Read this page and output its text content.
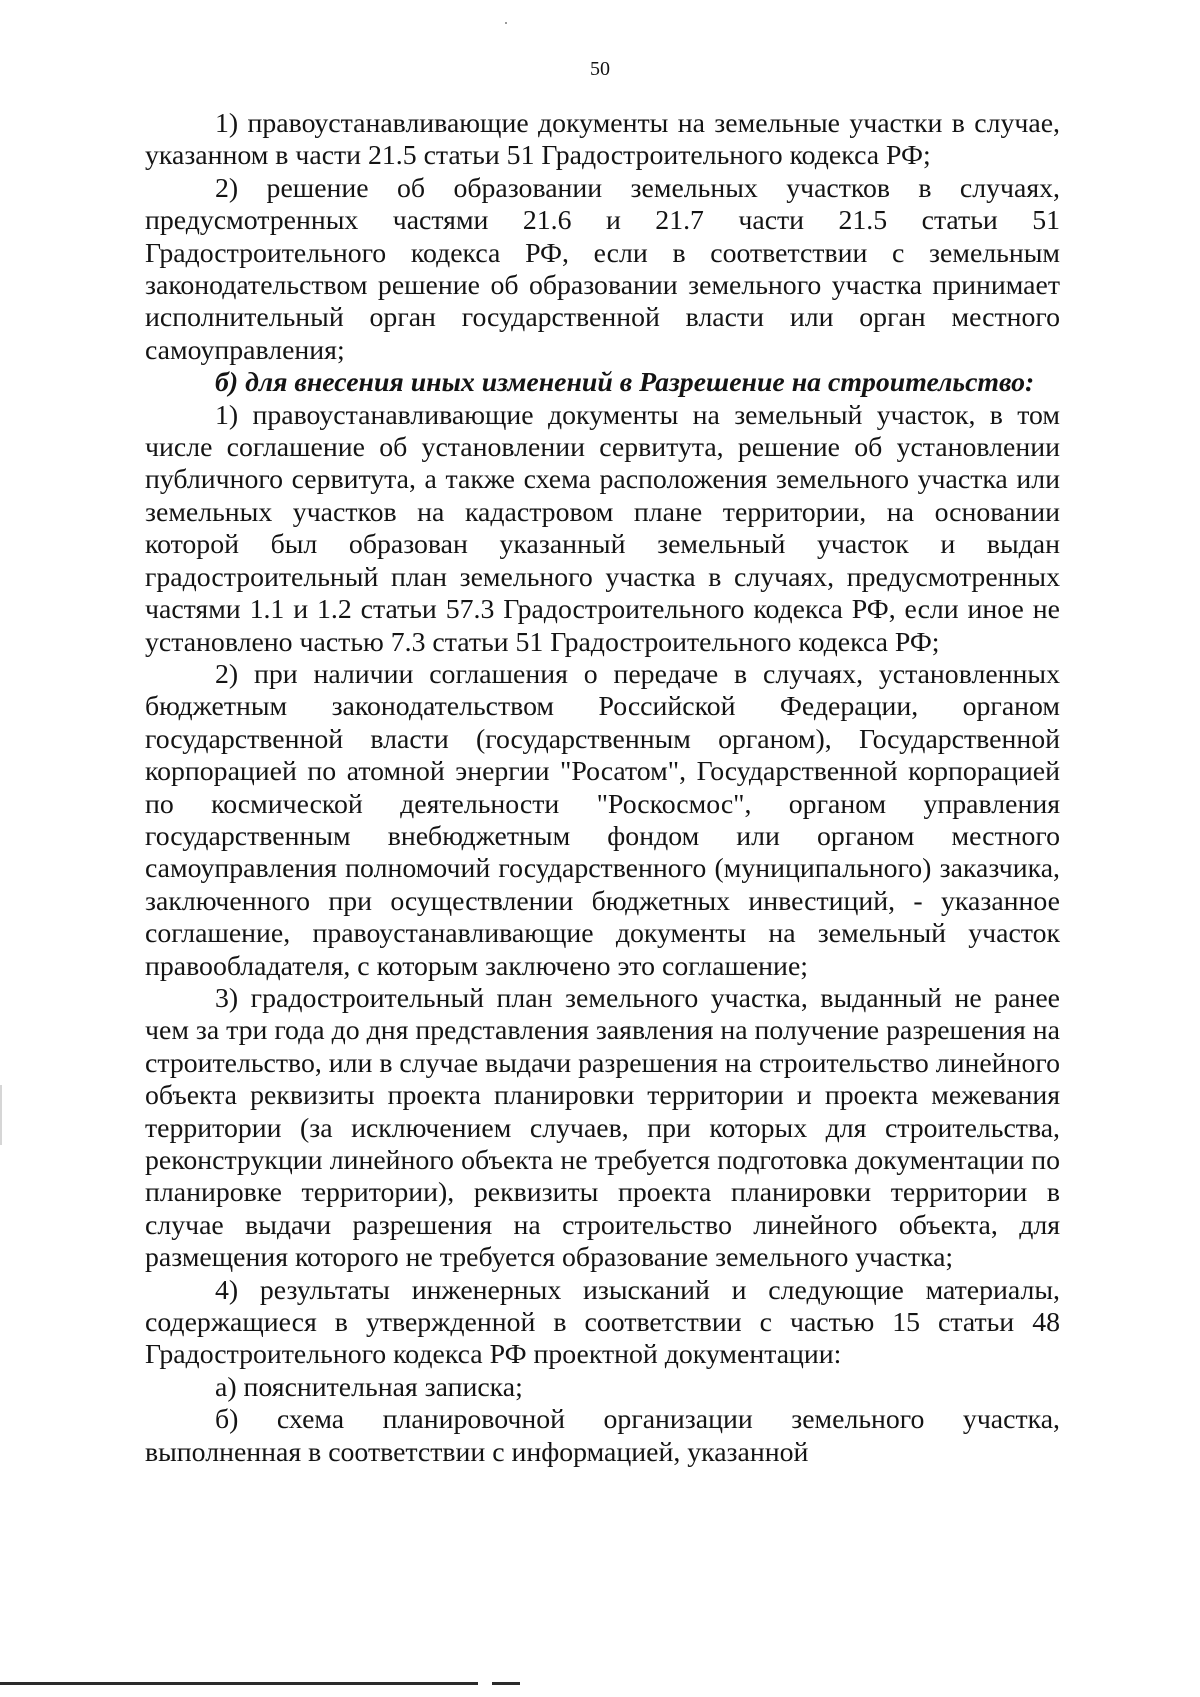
50

1) правоустанавливающие документы на земельные участки в случае, указанном в части 21.5 статьи 51 Градостроительного кодекса РФ;

2) решение об образовании земельных участков в случаях, предусмотренных частями 21.6 и 21.7 части 21.5 статьи 51 Градостроительного кодекса РФ, если в соответствии с земельным законодательством решение об образовании земельного участка принимает исполнительный орган государственной власти или орган местного самоуправления;

б) для внесения иных изменений в Разрешение на строительство:

1) правоустанавливающие документы на земельный участок, в том числе соглашение об установлении сервитута, решение об установлении публичного сервитута, а также схема расположения земельного участка или земельных участков на кадастровом плане территории, на основании которой был образован указанный земельный участок и выдан градостроительный план земельного участка в случаях, предусмотренных частями 1.1 и 1.2 статьи 57.3 Градостроительного кодекса РФ, если иное не установлено частью 7.3 статьи 51 Градостроительного кодекса РФ;

2) при наличии соглашения о передаче в случаях, установленных бюджетным законодательством Российской Федерации, органом государственной власти (государственным органом), Государственной корпорацией по атомной энергии "Росатом", Государственной корпорацией по космической деятельности "Роскосмос", органом управления государственным внебюджетным фондом или органом местного самоуправления полномочий государственного (муниципального) заказчика, заключенного при осуществлении бюджетных инвестиций, - указанное соглашение, правоустанавливающие документы на земельный участок правообладателя, с которым заключено это соглашение;

3) градостроительный план земельного участка, выданный не ранее чем за три года до дня представления заявления на получение разрешения на строительство, или в случае выдачи разрешения на строительство линейного объекта реквизиты проекта планировки территории и проекта межевания территории (за исключением случаев, при которых для строительства, реконструкции линейного объекта не требуется подготовка документации по планировке территории), реквизиты проекта планировки территории в случае выдачи разрешения на строительство линейного объекта, для размещения которого не требуется образование земельного участка;

4) результаты инженерных изысканий и следующие материалы, содержащиеся в утвержденной в соответствии с частью 15 статьи 48 Градостроительного кодекса РФ проектной документации:

а) пояснительная записка;

б) схема планировочной организации земельного участка, выполненная в соответствии с информацией, указанной
